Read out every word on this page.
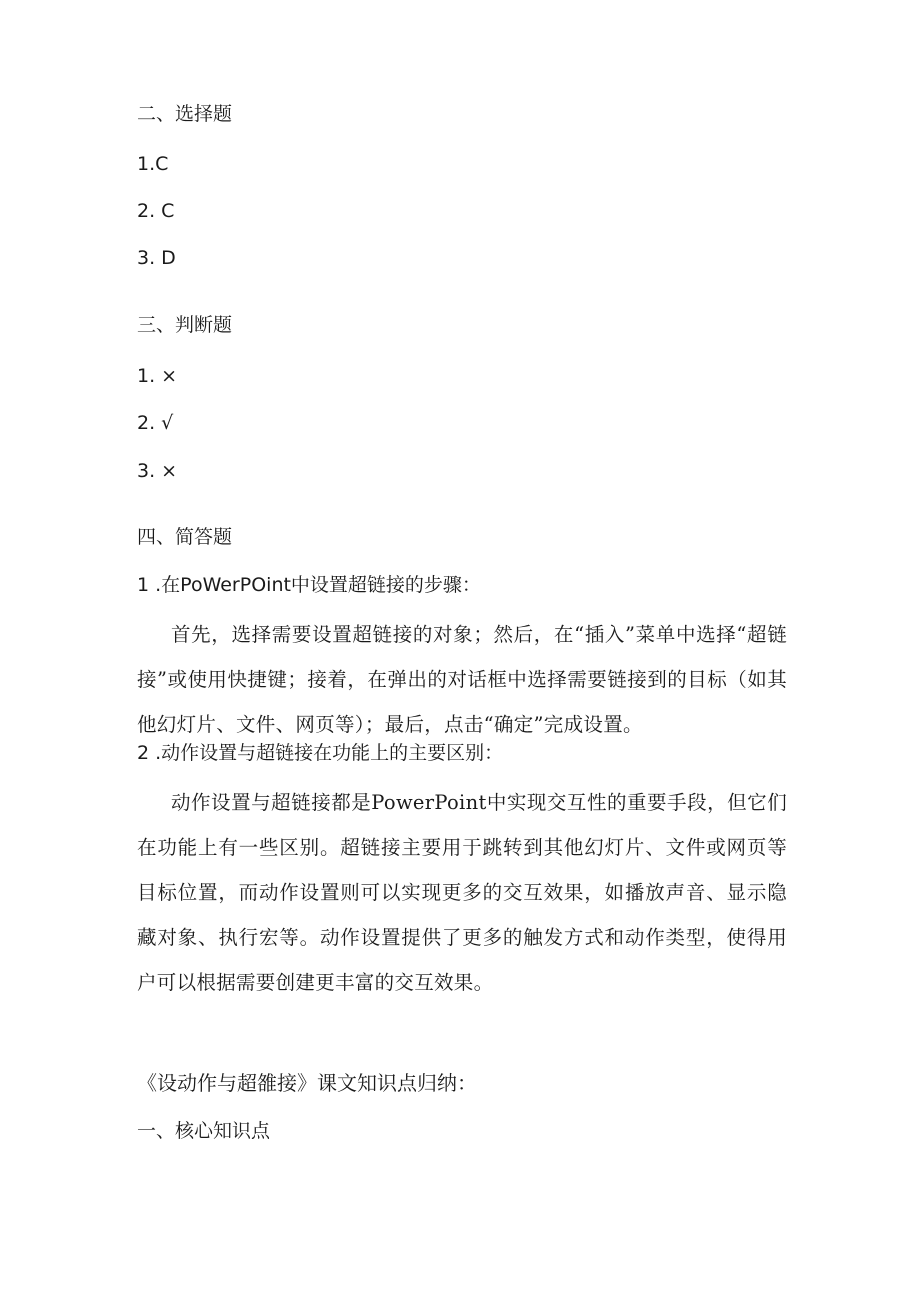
二、选择题
1.C
2. C
3. D
三、判断题
1. ×
2. √
3. ×
四、简答题
1 .在PoWerPOint中设置超链接的步骤：
首先，选择需要设置超链接的对象；然后，在“插入”菜单中选择“超链接”或使用快捷键；接着，在弹出的对话框中选择需要链接到的目标（如其他幻灯片、文件、网页等）；最后，点击“确定”完成设置。
2 .动作设置与超链接在功能上的主要区别：
动作设置与超链接都是PowerPoint中实现交互性的重要手段，但它们在功能上有一些区别。超链接主要用于跳转到其他幻灯片、文件或网页等目标位置，而动作设置则可以实现更多的交互效果，如播放声音、显示隐藏对象、执行宏等。动作设置提供了更多的触发方式和动作类型，使得用户可以根据需要创建更丰富的交互效果。
《设动作与超雒接》课文知识点归纳：
一、核心知识点
